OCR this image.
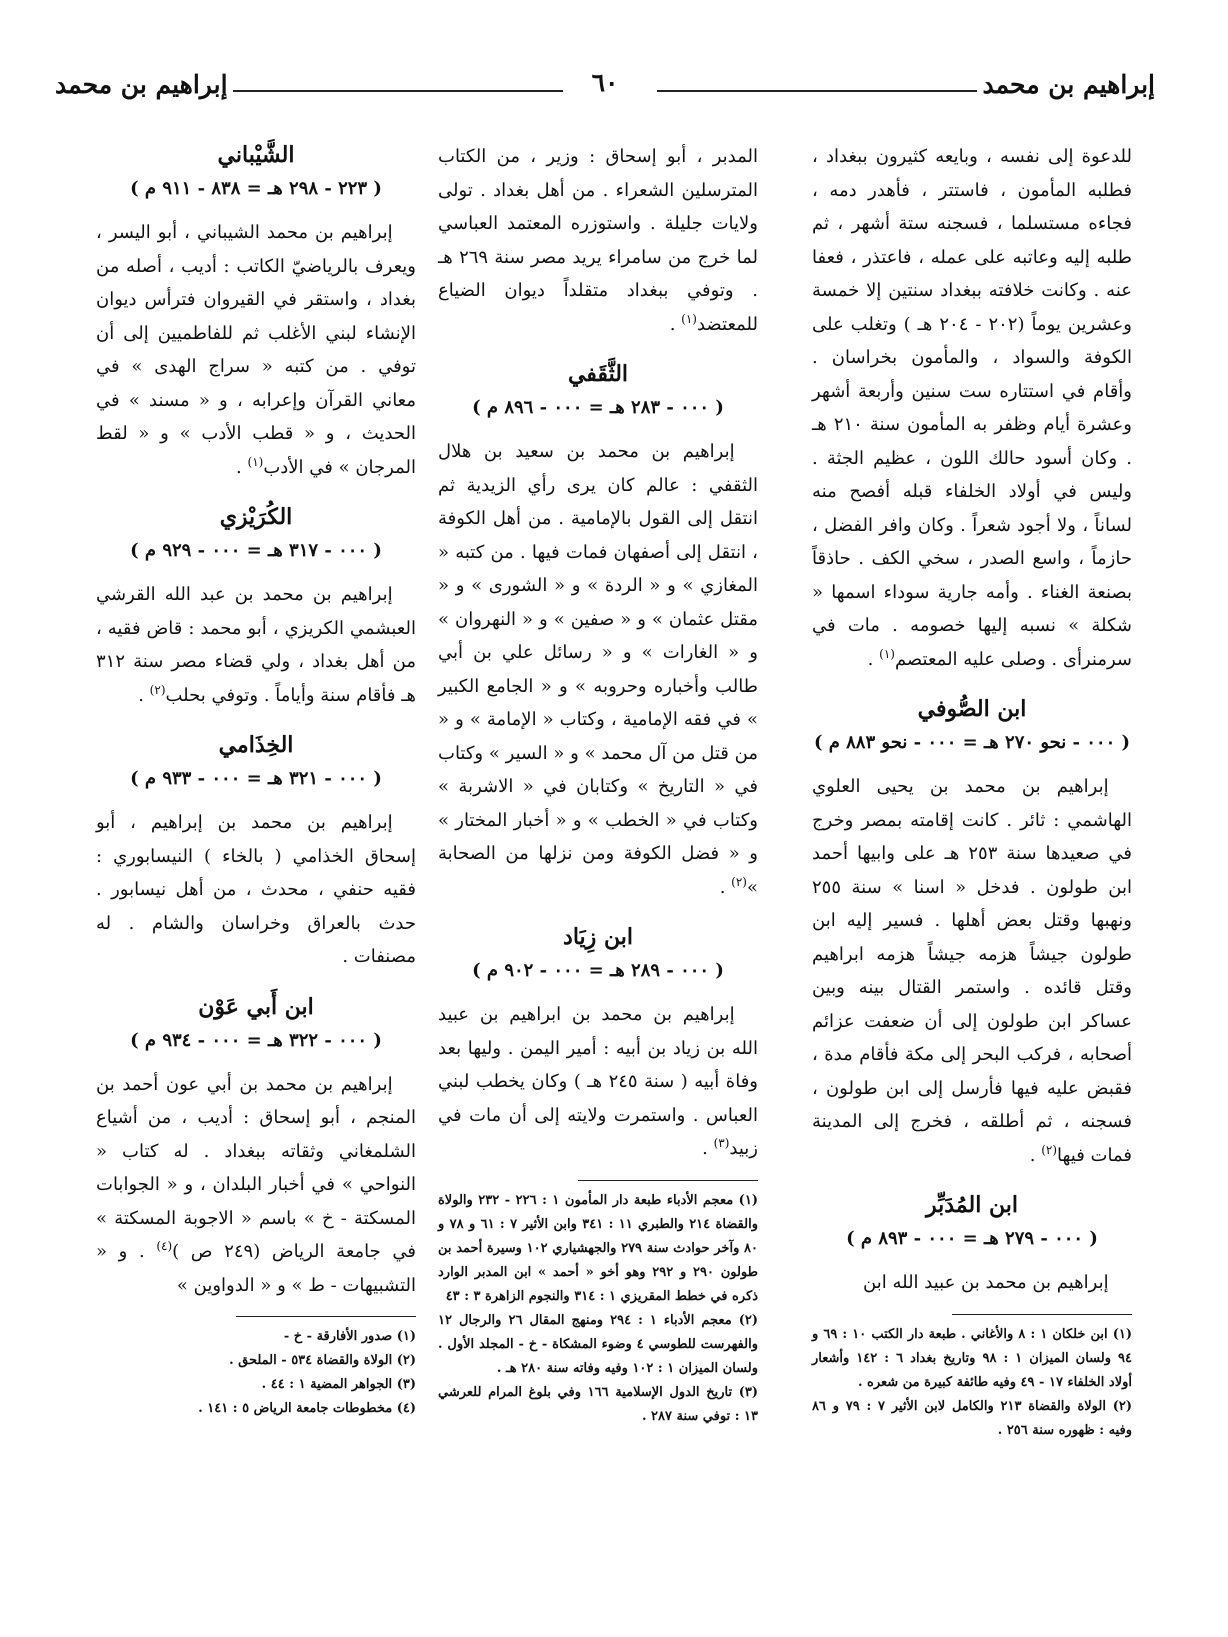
إبراهيم بن محمد
٦٠
إبراهيم بن محمد

للدعوة إلى نفسه ، وبايعه كثيرون ببغداد ، فطلبه المأمون ، فاستتر ، فأهدر دمه ، فجاءه مستسلما ، فسجنه ستة أشهر ، ثم طلبه إليه وعاتبه على عمله ، فاعتذر ، فعفا عنه . وكانت خلافته ببغداد سنتين إلا خمسة وعشرين يوماً (٢٠٢ - ٢٠٤ هـ ) وتغلب على الكوفة والسواد ، والمأمون بخراسان . وأقام في استتاره ست سنين وأربعة أشهر وعشرة أيام وظفر به المأمون سنة ٢١٠ هـ . وكان أسود حالك اللون ، عظيم الجثة . وليس في أولاد الخلفاء قبله أفصح منه لساناً ، ولا أجود شعراً . وكان وافر الفضل ، حازماً ، واسع الصدر ، سخي الكف . حاذقاً بصنعة الغناء . وأمه جارية سوداء اسمها « شكلة » نسبه إليها خصومه . مات في سرمنرأى . وصلى عليه المعتصم$^{(١)}$ .

ابن الصُّوفي
( ٠٠٠ - نحو ٢٧٠ هـ = ٠٠٠ - نحو ٨٨٣ م )

إبراهيم بن محمد بن يحيى العلوي الهاشمي : ثائر . كانت إقامته بمصر وخرج في صعيدها سنة ٢٥٣ هـ على وابيها أحمد ابن طولون . فدخل « اسنا » سنة ٢٥٥ ونهبها وقتل بعض أهلها . فسير إليه ابن طولون جيشاً هزمه جيشاً هزمه ابراهيم وقتل قائده . واستمر القتال بينه وبين عساكر ابن طولون إلى أن ضعفت عزائم أصحابه ، فركب البحر إلى مكة فأقام مدة ، فقبض عليه فيها فأرسل إلى ابن طولون ، فسجنه ، ثم أطلقه ، فخرج إلى المدينة فمات فيها$^{(٢)}$ .

ابن المُدَبِّر
( ٠٠٠ - ٢٧٩ هـ = ٠٠٠ - ٨٩٣ م )

إبراهيم بن محمد بن عبيد الله ابن

(١) ابن خلكان ١ : ٨ والأغاني . طبعة دار الكتب ١٠ : ٦٩ و ٩٤ ولسان الميزان ١ : ٩٨ وتاريخ بغداد ٦ : ١٤٢ وأشعار أولاد الخلفاء ١٧ - ٤٩ وفيه طائفة كبيرة من شعره .

(٢) الولاة والقضاة ٢١٣ والكامل لابن الأثير ٧ : ٧٩ و ٨٦ وفيه : ظهوره سنة ٢٥٦ .

المدبر ، أبو إسحاق : وزير ، من الكتاب المترسلين الشعراء . من أهل بغداد . تولى ولايات جليلة . واستوزره المعتمد العباسي لما خرج من سامراء يريد مصر سنة ٢٦٩ هـ . وتوفي ببغداد متقلداً ديوان الضياع للمعتضد$^{(١)}$ .

الثَّقَفي
( ٠٠٠ - ٢٨٣ هـ = ٠٠٠ - ٨٩٦ م )

إبراهيم بن محمد بن سعيد بن هلال الثقفي : عالم كان يرى رأي الزيدية ثم انتقل إلى القول بالإمامية . من أهل الكوفة ، انتقل إلى أصفهان فمات فيها . من كتبه « المغازي » و « الردة » و « الشورى » و « مقتل عثمان » و « صفين » و « النهروان » و « الغارات » و « رسائل علي بن أبي طالب وأخباره وحروبه » و « الجامع الكبير » في فقه الإمامية ، وكتاب « الإمامة » و « من قتل من آل محمد » و « السير » وكتاب في « التاريخ » وكتابان في « الاشربة » وكتاب في « الخطب » و « أخبار المختار » و « فضل الكوفة ومن نزلها من الصحابة »$^{(٢)}$ .

ابن زِيَاد
( ٠٠٠ - ٢٨٩ هـ = ٠٠٠ - ٩٠٢ م )

إبراهيم بن محمد بن ابراهيم بن عبيد الله بن زياد بن أبيه : أمير اليمن . وليها بعد وفاة أبيه ( سنة ٢٤٥ هـ ) وكان يخطب لبني العباس . واستمرت ولايته إلى أن مات في زبيد$^{(٣)}$ .

(١) معجم الأدباء طبعة دار المأمون ١ : ٢٢٦ - ٢٣٢ والولاة والقضاة ٢١٤ والطبري ١١ : ٣٤١ وابن الأثير ٧ : ٦١ و ٧٨ و ٨٠ وآخر حوادث سنة ٢٧٩ والجهشياري ١٠٢ وسيرة أحمد بن طولون ٢٩٠ و ٢٩٢ وهو أخو « أحمد » ابن المدبر الوارد ذكره في خطط المقريزي ١ : ٣١٤ والنجوم الزاهرة ٣ : ٤٣

(٢) معجم الأدباء ١ : ٢٩٤ ومنهج المقال ٢٦ والرجال ١٢ والفهرست للطوسي ٤ وضوء المشكاة - خ - المجلد الأول . ولسان الميزان ١ : ١٠٢ وفيه وفاته سنة ٢٨٠ هـ .

(٣) تاريخ الدول الإسلامية ١٦٦ وفي بلوغ المرام للعرشي ١٣ : توفي سنة ٢٨٧ .

الشَّيْباني
( ٢٢٣ - ٢٩٨ هـ = ٨٣٨ - ٩١١ م )

إبراهيم بن محمد الشيباني ، أبو اليسر ، ويعرف بالرياضيّ الكاتب : أديب ، أصله من بغداد ، واستقر في القيروان فترأس ديوان الإنشاء لبني الأغلب ثم للفاطميين إلى أن توفي . من كتبه « سراج الهدى » في معاني القرآن وإعرابه ، و « مسند » في الحديث ، و « قطب الأدب » و « لقط المرجان » في الأدب$^{(١)}$ .

الكُرَيْزي
( ٠٠٠ - ٣١٧ هـ = ٠٠٠ - ٩٢٩ م )

إبراهيم بن محمد بن عبد الله القرشي العبشمي الكريزي ، أبو محمد : قاض فقيه ، من أهل بغداد ، ولي قضاء مصر سنة ٣١٢ هـ فأقام سنة وأياماً . وتوفي بحلب$^{(٢)}$ .

الخِذَامي
( ٠٠٠ - ٣٢١ هـ = ٠٠٠ - ٩٣٣ م )

إبراهيم بن محمد بن إبراهيم ، أبو إسحاق الخذامي ( بالخاء ) النيسابوري : فقيه حنفي ، محدث ، من أهل نيسابور . حدث بالعراق وخراسان والشام . له مصنفات .

ابن أَبي عَوْن
( ٠٠٠ - ٣٢٢ هـ = ٠٠٠ - ٩٣٤ م )

إبراهيم بن محمد بن أبي عون أحمد بن المنجم ، أبو إسحاق : أديب ، من أشياع الشلمغاني وثقاته ببغداد . له كتاب « النواحي » في أخبار البلدان ، و « الجوابات المسكتة - خ » باسم « الاجوبة المسكتة » في جامعة الرياض (٢٤٩ ص )$^{(٤)}$ . و « التشبيهات - ط » و « الدواوين »

(١) صدور الأفارقة - خ -

(٢) الولاة والقضاة ٥٣٤ - الملحق .

(٣) الجواهر المضية ١ : ٤٤ .

(٤) مخطوطات جامعة الرياض ٥ : ١٤١ .
